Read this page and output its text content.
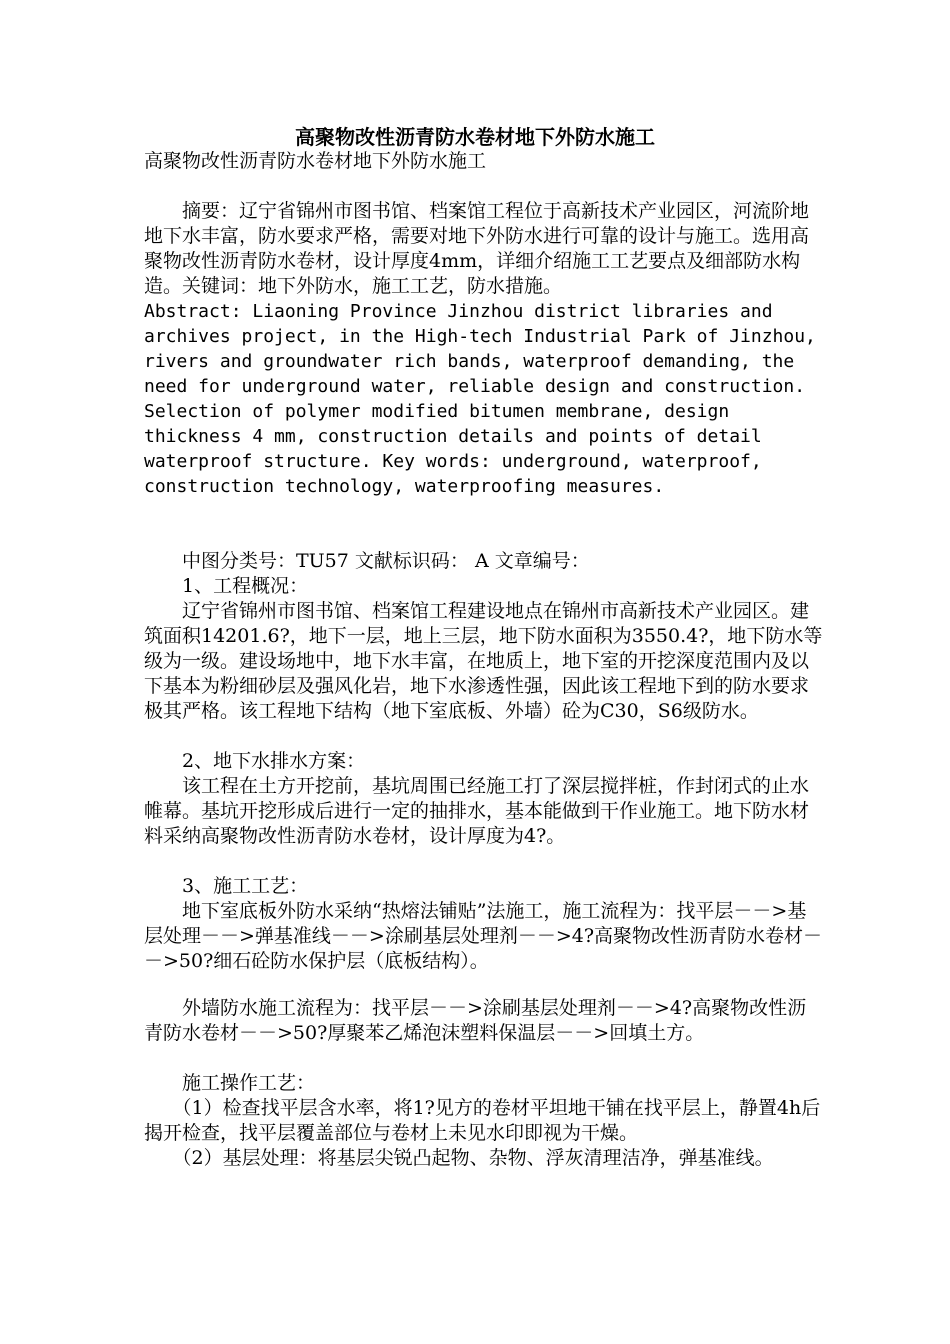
高聚物改性沥青防水卷材地下外防水施工

高聚物改性沥青防水卷材地下外防水施工

　　摘要：辽宁省锦州市图书馆、档案馆工程位于高新技术产业园区，河流阶地地下水丰富，防水要求严格，需要对地下外防水进行可靠的设计与施工。选用高聚物改性沥青防水卷材，设计厚度4mm，详细介绍施工工艺要点及细部防水构造。关键词：地下外防水，施工工艺，防水措施。

Abstract: Liaoning Province Jinzhou district libraries and archives project, in the High-tech Industrial Park of Jinzhou, rivers and groundwater rich bands, waterproof demanding, the need for underground water, reliable design and construction. Selection of polymer modified bitumen membrane, design thickness 4 mm, construction details and points of detail waterproof structure. Key words: underground, waterproof, construction technology, waterproofing measures.

　　中图分类号：TU57 文献标识码： A 文章编号：

　　1、工程概况：

　　辽宁省锦州市图书馆、档案馆工程建设地点在锦州市高新技术产业园区。建筑面积14201.6?，地下一层，地上三层，地下防水面积为3550.4?，地下防水等级为一级。建设场地中，地下水丰富，在地质上，地下室的开挖深度范围内及以下基本为粉细砂层及强风化岩，地下水渗透性强，因此该工程地下到的防水要求极其严格。该工程地下结构（地下室底板、外墙）砼为C30，S6级防水。

　　2、地下水排水方案：

　　该工程在土方开挖前，基坑周围已经施工打了深层搅拌桩，作封闭式的止水帷幕。基坑开挖形成后进行一定的抽排水，基本能做到干作业施工。地下防水材料采纳高聚物改性沥青防水卷材，设计厚度为4?。

　　3、施工工艺：

　　地下室底板外防水采纳“热熔法铺贴”法施工，施工流程为：找平层－－>基层处理－－>弹基准线－－>涂刷基层处理剂－－>4?高聚物改性沥青防水卷材－－>50?细石砼防水保护层（底板结构）。

　　外墙防水施工流程为：找平层－－>涂刷基层处理剂－－>4?高聚物改性沥青防水卷材－－>50?厚聚苯乙烯泡沫塑料保温层－－>回填土方。

　　施工操作工艺：

　　（1）检查找平层含水率，将1?见方的卷材平坦地干铺在找平层上，静置4h后揭开检查，找平层覆盖部位与卷材上未见水印即视为干燥。

　　（2）基层处理：将基层尖锐凸起物、杂物、浮灰清理洁净，弹基准线。
